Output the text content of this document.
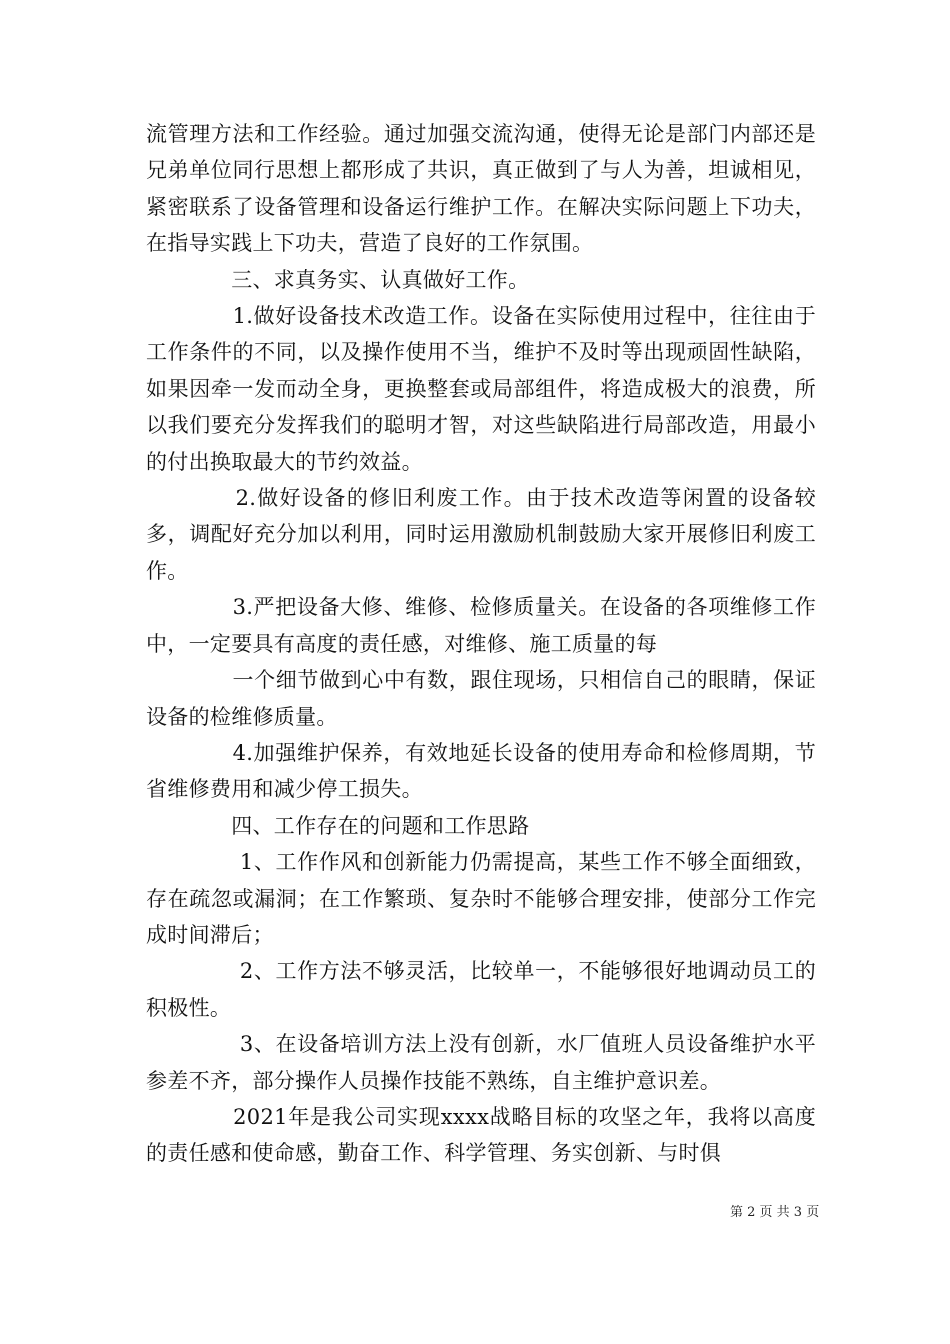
流管理方法和工作经验。通过加强交流沟通，使得无论是部门内部还是兄弟单位同行思想上都形成了共识，真正做到了与人为善，坦诚相见，紧密联系了设备管理和设备运行维护工作。在解决实际问题上下功夫，在指导实践上下功夫，营造了良好的工作氛围。

　　　　三、求真务实、认真做好工作。

　　　　1.做好设备技术改造工作。设备在实际使用过程中，往往由于工作条件的不同，以及操作使用不当，维护不及时等出现顽固性缺陷，如果因牵一发而动全身，更换整套或局部组件，将造成极大的浪费，所以我们要充分发挥我们的聪明才智，对这些缺陷进行局部改造，用最小的付出换取最大的节约效益。

　　　　2.做好设备的修旧利废工作。由于技术改造等闲置的设备较多，调配好充分加以利用，同时运用激励机制鼓励大家开展修旧利废工作。

　　　　3.严把设备大修、维修、检修质量关。在设备的各项维修工作中，一定要具有高度的责任感，对维修、施工质量的每

　　　　一个细节做到心中有数，跟住现场，只相信自己的眼睛，保证设备的检维修质量。

　　　　4.加强维护保养，有效地延长设备的使用寿命和检修周期，节省维修费用和减少停工损失。

　　　　四、工作存在的问题和工作思路

　　　　 1、工作作风和创新能力仍需提高，某些工作不够全面细致，存在疏忽或漏洞；在工作繁琐、复杂时不能够合理安排，使部分工作完成时间滞后；

　　　　 2、工作方法不够灵活，比较单一，不能够很好地调动员工的积极性。

　　　　 3、在设备培训方法上没有创新，水厂值班人员设备维护水平参差不齐，部分操作人员操作技能不熟练，自主维护意识差。

　　　　2021年是我公司实现xxxx战略目标的攻坚之年，我将以高度的责任感和使命感，勤奋工作、科学管理、务实创新、与时俱

第 2 页 共 3 页
